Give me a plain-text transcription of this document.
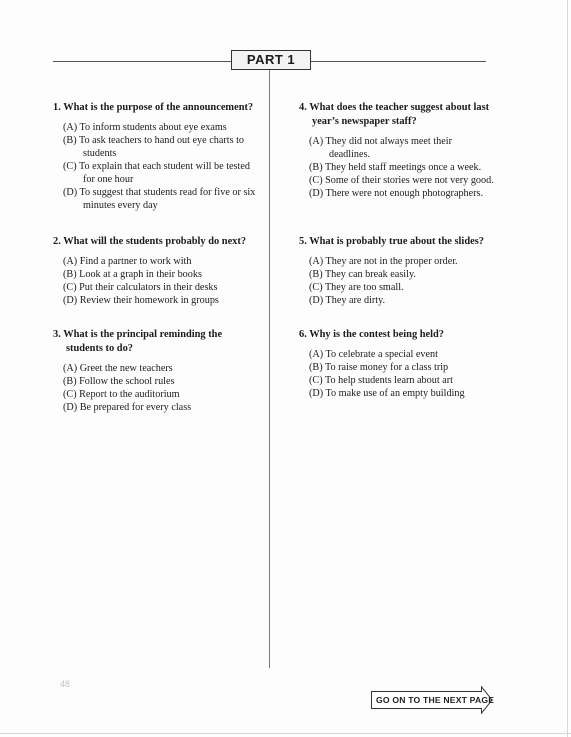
PART 1
1. What is the purpose of the announcement?
(A) To inform students about eye exams
(B) To ask teachers to hand out eye charts to students
(C) To explain that each student will be tested for one hour
(D) To suggest that students read for five or six minutes every day
2. What will the students probably do next?
(A) Find a partner to work with
(B) Look at a graph in their books
(C) Put their calculators in their desks
(D) Review their homework in groups
3. What is the principal reminding the students to do?
(A) Greet the new teachers
(B) Follow the school rules
(C) Report to the auditorium
(D) Be prepared for every class
4. What does the teacher suggest about last year’s newspaper staff?
(A) They did not always meet their deadlines.
(B) They held staff meetings once a week.
(C) Some of their stories were not very good.
(D) There were not enough photographers.
5. What is probably true about the slides?
(A) They are not in the proper order.
(B) They can break easily.
(C) They are too small.
(D) They are dirty.
6. Why is the contest being held?
(A) To celebrate a special event
(B) To raise money for a class trip
(C) To help students learn about art
(D) To make use of an empty building
48
GO ON TO THE NEXT PAGE
